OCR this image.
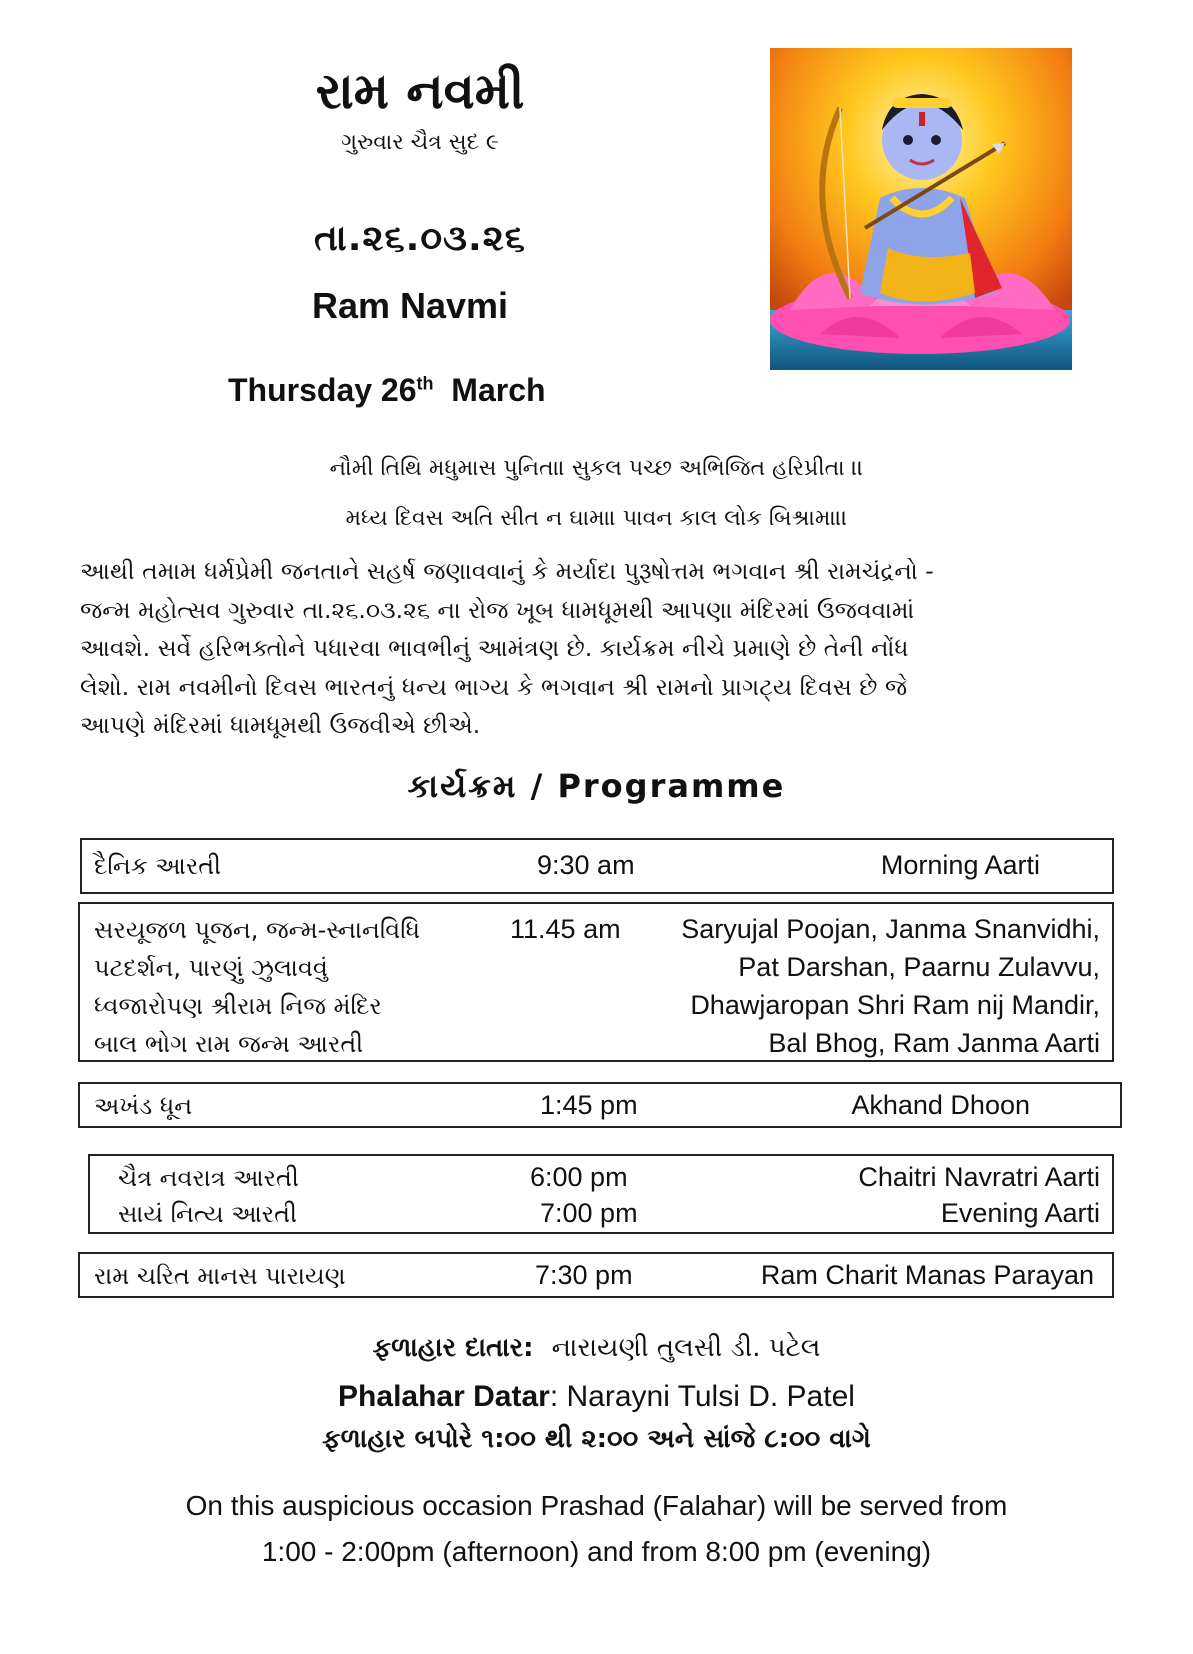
રામ નવમી
ગુરુવાર ચૈત્ર સુદ ૯
તા.૨૬.૦૩.૨૬
Ram Navmi
Thursday 26th March
નૌમી તિથિ મધુમાસ પુનિતા। સુકલ પચ્છ અભિજિત હરિપ્રીતા ।।
મધ્ય દિવસ અતિ સીત ન ઘામા। પાવન કાલ લોક બિશ્રામા।।
આથી તમામ ધર્મપ્રેમી જનતાને સહર્ષ જણાવવાનું કે મર્યાદા પુરૂષોત્તમ ભગવાન શ્રી રામચંદ્રનો -
જન્મ મહોત્સવ ગુરુવાર તા.૨૬.૦૩.૨૬ ના રોજ ખૂબ ધામધૂમથી આપણા મંદિરમાં ઉજવવામાં
આવશે. સર્વે હરિભક્તોને પધારવા ભાવભીનું આમંત્રણ છે. કાર્યક્રમ નીચે પ્રમાણે છે તેની નોંધ
લેશો. રામ નવમીનો દિવસ ભારતનું ધન્ય ભાગ્ય કે ભગવાન શ્રી રામનો પ્રાગટ્ય દિવસ છે જે
આપણે મંદિરમાં ધામધૂમથી ઉજવીએ છીએ.
કાર્યક્રમ / Programme
દૈનિક આરતી	9:30 am	Morning Aarti
સરયૂજળ પૂજન, જન્મ-સ્નાનવિધિ	11.45 am Saryujal Poojan, Janma Snanvidhi,
પટદર્શન, પારણું ઝુલાવવું	Pat Darshan, Paarnu Zulavvu,
ધ્વજારોપણ શ્રીરામ નિજ મંદિર	Dhawjaropan Shri Ram nij Mandir,
બાલ ભોગ રામ જન્મ આરતી	Bal Bhog, Ram Janma Aarti
અખંડ ધૂન	1:45 pm	Akhand Dhoon
ચૈત્ર નવરાત્ર આરતી	6:00 pm	Chaitri Navratri Aarti
સાયં નિત્ય આરતી	7:00 pm	Evening Aarti
રામ ચરિત માનસ પારાયણ	7:30 pm	Ram Charit Manas Parayan
ફળાહાર દાતાર: નારાયણી તુલસી ડી. પટેલ
Phalahar Datar: Narayni Tulsi D. Patel
ફળાહાર બપોરે ૧:૦૦ થી ૨:૦૦ અને સાંજે ૮:૦૦ વાગે
On this auspicious occasion Prashad (Falahar) will be served from
1:00 - 2:00pm (afternoon) and from 8:00 pm (evening)
